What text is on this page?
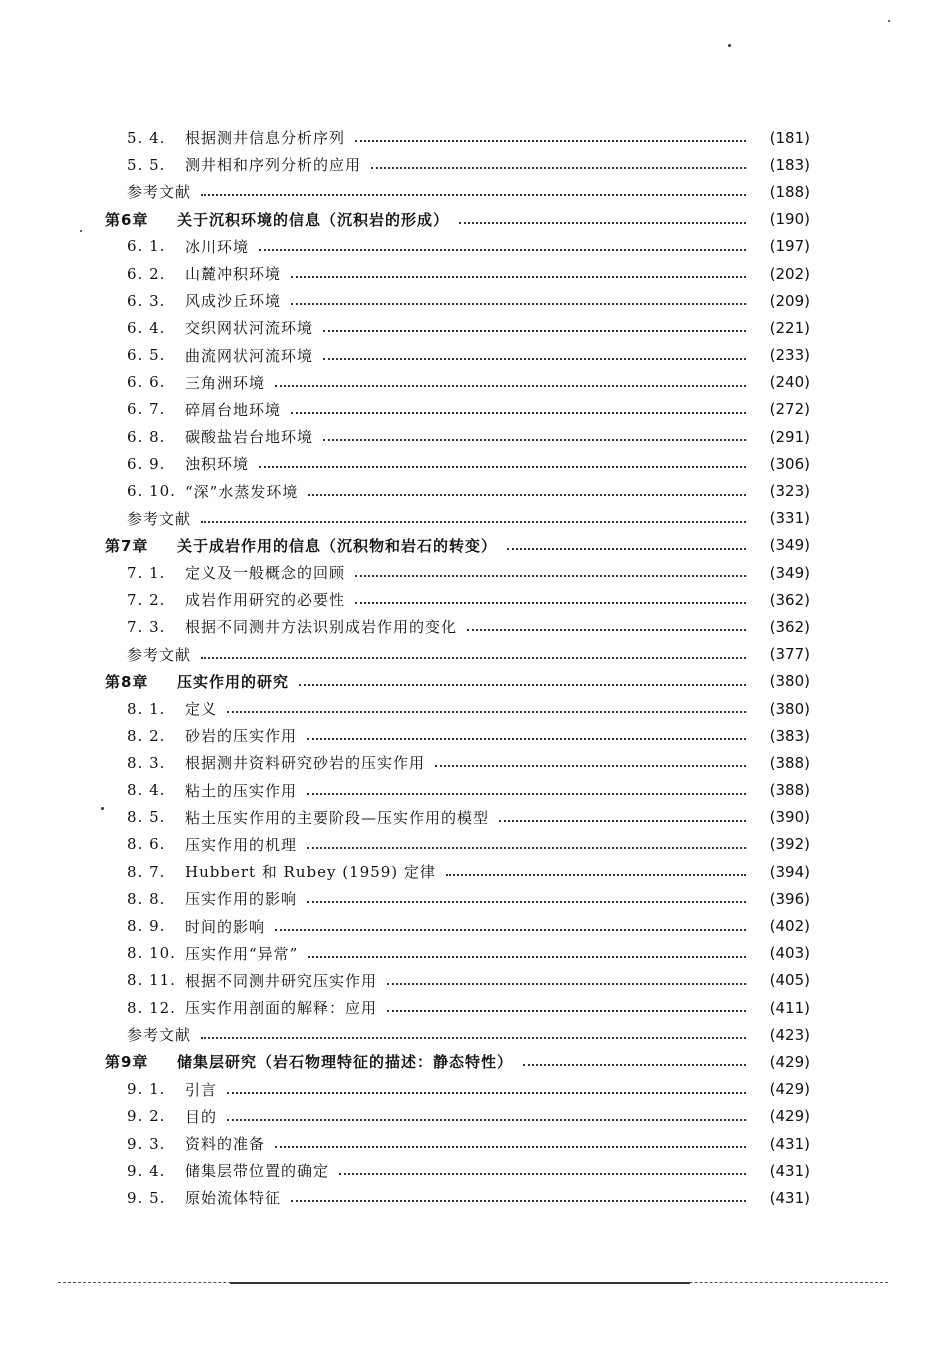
5. 4.	根据测井信息分析序列	(181)
5. 5.	测井相和序列分析的应用	(183)
参考文献	(188)
第6章	关于沉积环境的信息（沉积岩的形成）	(190)
6. 1.	冰川环境	(197)
6. 2.	山麓冲积环境	(202)
6. 3.	风成沙丘环境	(209)
6. 4.	交织网状河流环境	(221)
6. 5.	曲流网状河流环境	(233)
6. 6.	三角洲环境	(240)
6. 7.	碎屑台地环境	(272)
6. 8.	碳酸盐岩台地环境	(291)
6. 9.	浊积环境	(306)
6. 10. “深”水蒸发环境	(323)
参考文献	(331)
第7章	关于成岩作用的信息（沉积物和岩石的转变）	(349)
7. 1.	定义及一般概念的回顾	(349)
7. 2.	成岩作用研究的必要性	(362)
7. 3.	根据不同测井方法识别成岩作用的变化	(362)
参考文献	(377)
第8章	压实作用的研究	(380)
8. 1.	定义	(380)
8. 2.	砂岩的压实作用	(383)
8. 3.	根据测井资料研究砂岩的压实作用	(388)
8. 4.	粘土的压实作用	(388)
8. 5.	粘土压实作用的主要阶段—压实作用的模型	(390)
8. 6.	压实作用的机理	(392)
8. 7.	Hubbert 和 Rubey (1959) 定律	(394)
8. 8.	压实作用的影响	(396)
8. 9.	时间的影响	(402)
8. 10. 压实作用“异常”	(403)
8. 11. 根据不同测井研究压实作用	(405)
8. 12. 压实作用剖面的解释：应用	(411)
参考文献	(423)
第9章	储集层研究（岩石物理特征的描述：静态特性）	(429)
9. 1.	引言	(429)
9. 2.	目的	(429)
9. 3.	资料的准备	(431)
9. 4.	储集层带位置的确定	(431)
9. 5.	原始流体特征	(431)
